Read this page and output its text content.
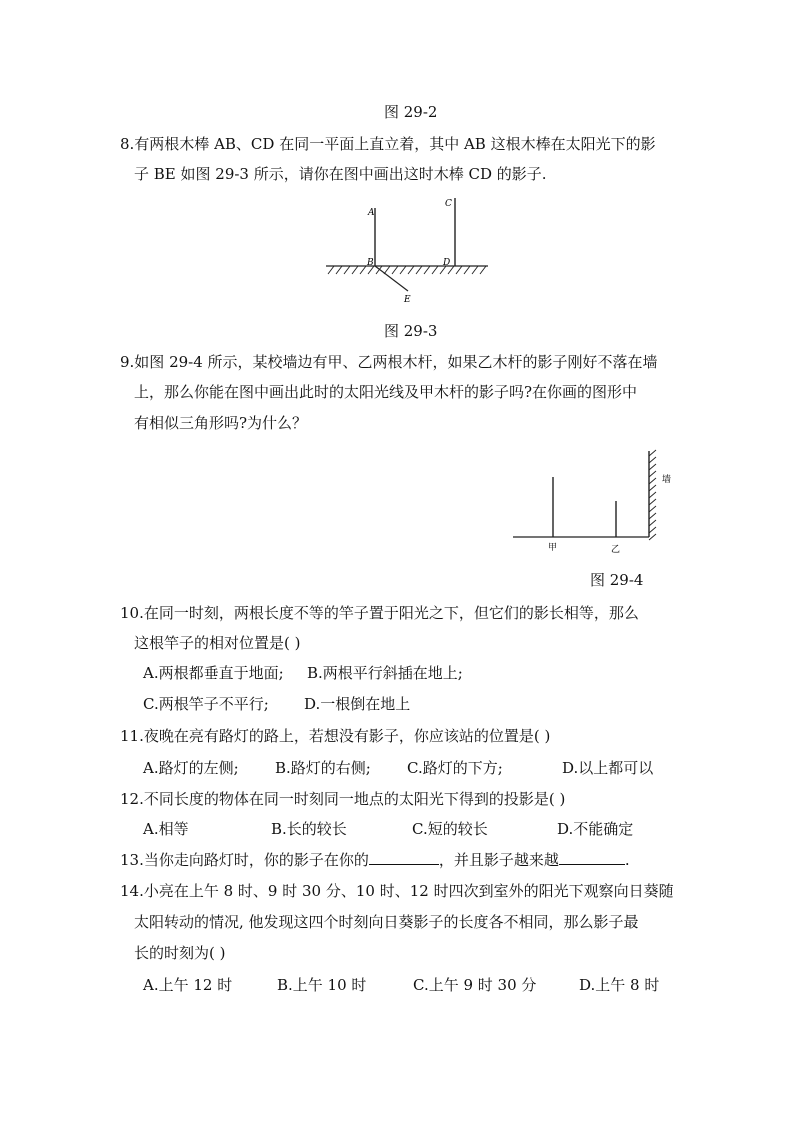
图 29-2
8.有两根木棒 AB、CD 在同一平面上直立着，其中 AB 这根木棒在太阳光下的影
子 BE 如图 29-3 所示，请你在图中画出这时木棒 CD 的影子.
A
B
C
D
E
图 29-3
9.如图 29-4 所示，某校墙边有甲、乙两根木杆，如果乙木杆的影子刚好不落在墙
上，那么你能在图中画出此时的太阳光线及甲木杆的影子吗?在你画的图形中
有相似三角形吗?为什么？
甲	乙
墙
图 29-4
10.在同一时刻，两根长度不等的竿子置于阳光之下，但它们的影长相等，那么
这根竿子的相对位置是( )
A.两根都垂直于地面; B.两根平行斜插在地上;
C.两根竿子不平行; D.一根倒在地上
11.夜晚在亮有路灯的路上，若想没有影子，你应该站的位置是( )
A.路灯的左侧; B.路灯的右侧; C.路灯的下方;	D.以上都可以
12.不同长度的物体在同一时刻同一地点的太阳光下得到的投影是( )
A.相等	B.长的较长	C.短的较长	D.不能确定
13.当你走向路灯时，你的影子在你的	，并且影子越来越	.
14.小亮在上午 8 时、9 时 30 分、10 时、12 时四次到室外的阳光下观察向日葵随
太阳转动的情况, 他发现这四个时刻向日葵影子的长度各不相同，那么影子最
长的时刻为( )
A.上午 12 时	B.上午 10 时	C.上午 9 时 30 分	D.上午 8 时
